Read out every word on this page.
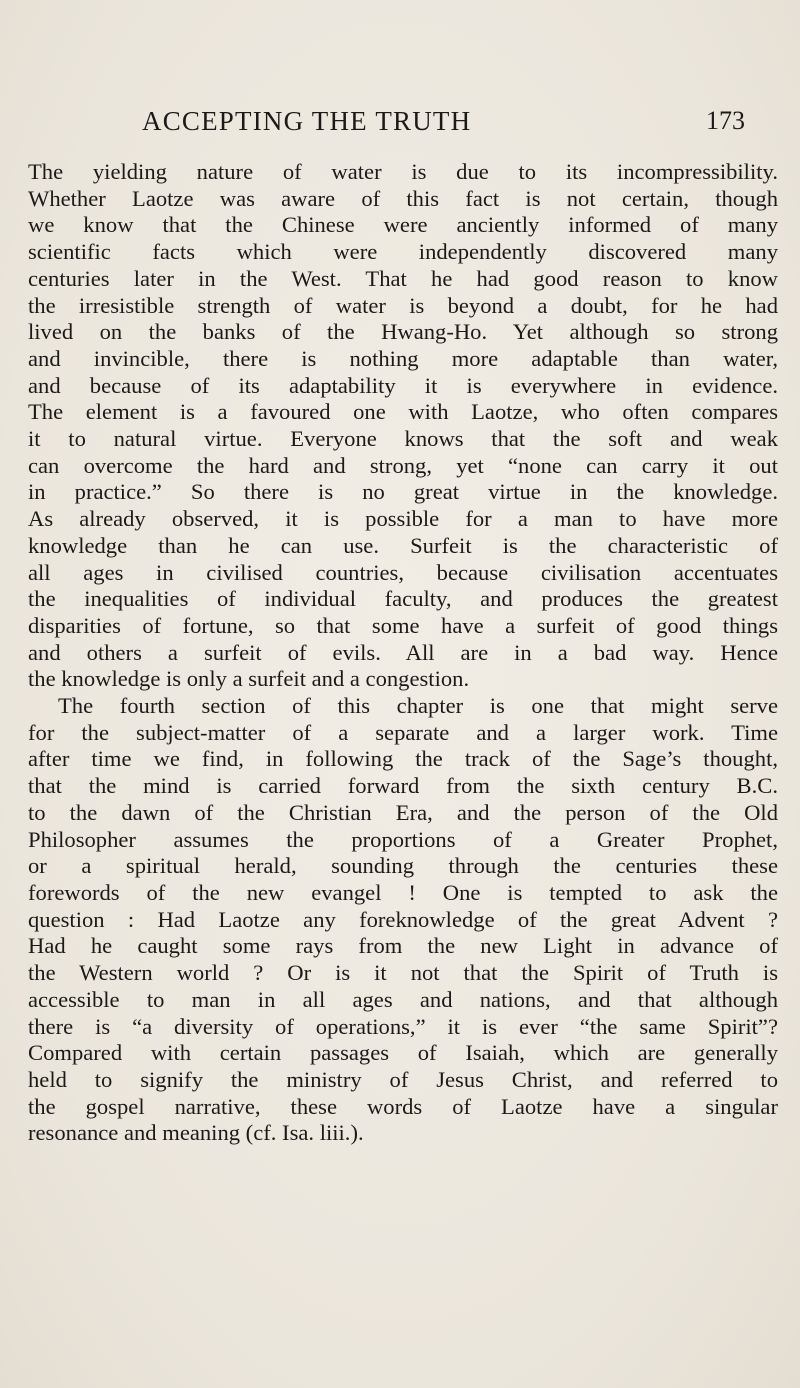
ACCEPTING THE TRUTH	173
The yielding nature of water is due to its incompressibility.
Whether Laotze was aware of this fact is not certain, though
we know that the Chinese were anciently informed of many
scientific facts which were independently discovered many
centuries later in the West. That he had good reason to know
the irresistible strength of water is beyond a doubt, for he had
lived on the banks of the Hwang-Ho. Yet although so strong
and invincible, there is nothing more adaptable than water,
and because of its adaptability it is everywhere in evidence.
The element is a favoured one with Laotze, who often compares
it to natural virtue. Everyone knows that the soft and weak
can overcome the hard and strong, yet “none can carry it out
in practice.” So there is no great virtue in the knowledge.
As already observed, it is possible for a man to have more
knowledge than he can use. Surfeit is the characteristic of
all ages in civilised countries, because civilisation accentuates
the inequalities of individual faculty, and produces the greatest
disparities of fortune, so that some have a surfeit of good things
and others a surfeit of evils. All are in a bad way. Hence
the knowledge is only a surfeit and a congestion.
The fourth section of this chapter is one that might serve
for the subject-matter of a separate and a larger work. Time
after time we find, in following the track of the Sage’s thought,
that the mind is carried forward from the sixth century B.C.
to the dawn of the Christian Era, and the person of the Old
Philosopher assumes the proportions of a Greater Prophet,
or a spiritual herald, sounding through the centuries these
forewords of the new evangel ! One is tempted to ask the
question : Had Laotze any foreknowledge of the great Advent ?
Had he caught some rays from the new Light in advance of
the Western world ? Or is it not that the Spirit of Truth is
accessible to man in all ages and nations, and that although
there is “a diversity of operations,” it is ever “the same Spirit”?
Compared with certain passages of Isaiah, which are generally
held to signify the ministry of Jesus Christ, and referred to
the gospel narrative, these words of Laotze have a singular
resonance and meaning (cf. Isa. liii.).
